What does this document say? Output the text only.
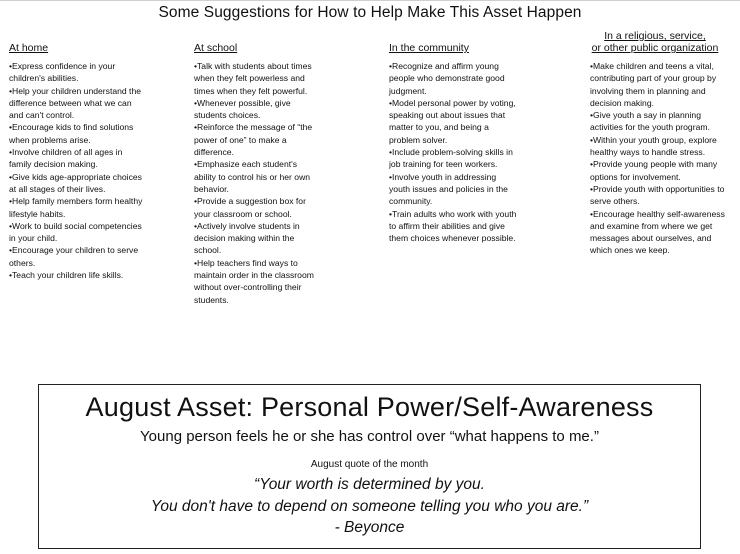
Some Suggestions for How to Help Make This Asset Happen
At home
• Express confidence in your children's abilities.
• Help your children understand the difference between what we can and can't control.
• Encourage kids to find solutions when problems arise.
• Involve children of all ages in family decision making.
• Give kids age-appropriate choices at all stages of their lives.
• Help family members form healthy lifestyle habits.
• Work to build social competencies in your child.
• Encourage your children to serve others.
• Teach your children life skills.
At school
• Talk with students about times when they felt powerless and times when they felt powerful.
• Whenever possible, give students choices.
• Reinforce the message of “the power of one” to make a difference.
• Emphasize each student's ability to control his or her own behavior.
• Provide a suggestion box for your classroom or school.
• Actively involve students in decision making within the school.
• Help teachers find ways to maintain order in the classroom without over-controlling their students.
In the community
• Recognize and affirm young people who demonstrate good judgment.
• Model personal power by voting, speaking out about issues that matter to you, and being a problem solver.
• Include problem-solving skills in job training for teen workers.
• Involve youth in addressing youth issues and policies in the community.
• Train adults who work with youth to affirm their abilities and give them choices whenever possible.
In a religious, service,
or other public organization
• Make children and teens a vital, contributing part of your group by involving them in planning and decision making.
• Give youth a say in planning activities for the youth program.
• Within your youth group, explore healthy ways to handle stress.
• Provide young people with many options for involvement.
• Provide youth with opportunities to serve others.
• Encourage healthy self-awareness and examine from where we get messages about ourselves, and which ones we keep.
August Asset: Personal Power/Self-Awareness
Young person feels he or she has control over “what happens to me.”
August quote of the month
“Your worth is determined by you.
You don't have to depend on someone telling you who you are.”
- Beyonce
